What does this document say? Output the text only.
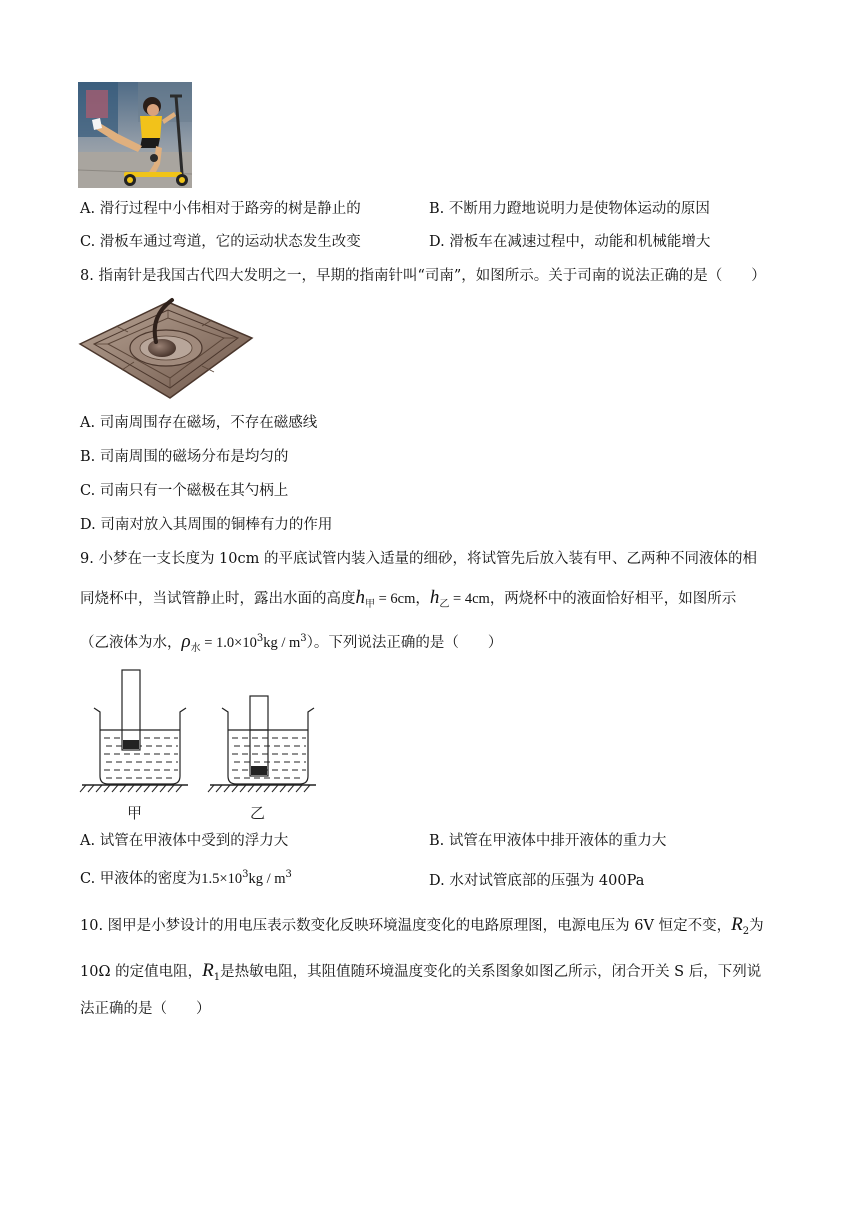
A. 滑行过程中小伟相对于路旁的树是静止的	B. 不断用力蹬地说明力是使物体运动的原因
C. 滑板车通过弯道，它的运动状态发生改变	D. 滑板车在减速过程中，动能和机械能增大
8. 指南针是我国古代四大发明之一，早期的指南针叫“司南”，如图所示。关于司南的说法正确的是（　　）
A. 司南周围存在磁场，不存在磁感线
B. 司南周围的磁场分布是均匀的
C. 司南只有一个磁极在其勺柄上
D. 司南对放入其周围的铜棒有力的作用
9. 小梦在一支长度为 10cm 的平底试管内装入适量的细砂，将试管先后放入装有甲、乙两种不同液体的相
同烧杯中，当试管静止时，露出水面的高度$h_甲 = 6cm$，$h_乙 = 4cm$，两烧杯中的液面恰好相平，如图所示
（乙液体为水，$\rho_水 = 1.0\times 10^3kg / m^3$）。下列说法正确的是（　　）
甲	乙
A. 试管在甲液体中受到的浮力大	B. 试管在甲液体中排开液体的重力大
C. 甲液体的密度为$1.5\times 10^3kg / m^3$	D. 水对试管底部的压强为 400Pa
10. 图甲是小梦设计的用电压表示数变化反映环境温度变化的电路原理图，电源电压为 6V 恒定不变，$R_2$为
10Ω 的定值电阻，$R_1$是热敏电阻，其阻值随环境温度变化的关系图象如图乙所示，闭合开关 S 后，下列说
法正确的是（　　）
